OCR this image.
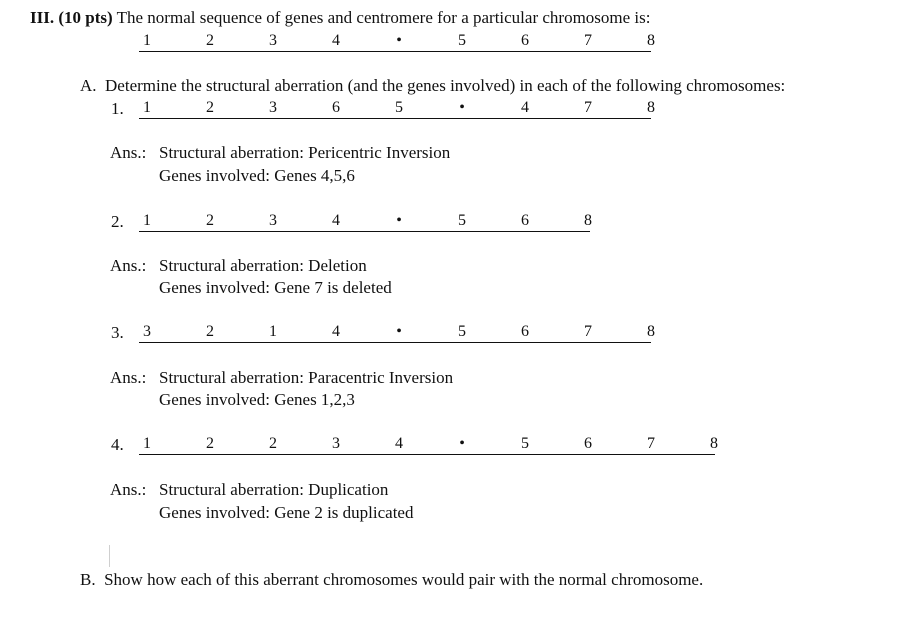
III. (10 pts) The normal sequence of genes and centromere for a particular chromosome is:
1	2	3	4	•	5	6	7	8
A. Determine the structural aberration (and the genes involved) in each of the following chromosomes:
1. 1	2	3	6	5	•	4	7	8
Ans.: Structural aberration: Pericentric Inversion
Genes involved: Genes 4,5,6
2. 1	2	3	4	•	5	6	8
Ans.: Structural aberration: Deletion
Genes involved: Gene 7 is deleted
3. 3	2	1	4	•	5	6	7	8
Ans.: Structural aberration: Paracentric Inversion
Genes involved: Genes 1,2,3
4. 1	2	2	3	4	•	5	6	7	8
Ans.: Structural aberration: Duplication
Genes involved: Gene 2 is duplicated
B. Show how each of this aberrant chromosomes would pair with the normal chromosome.
